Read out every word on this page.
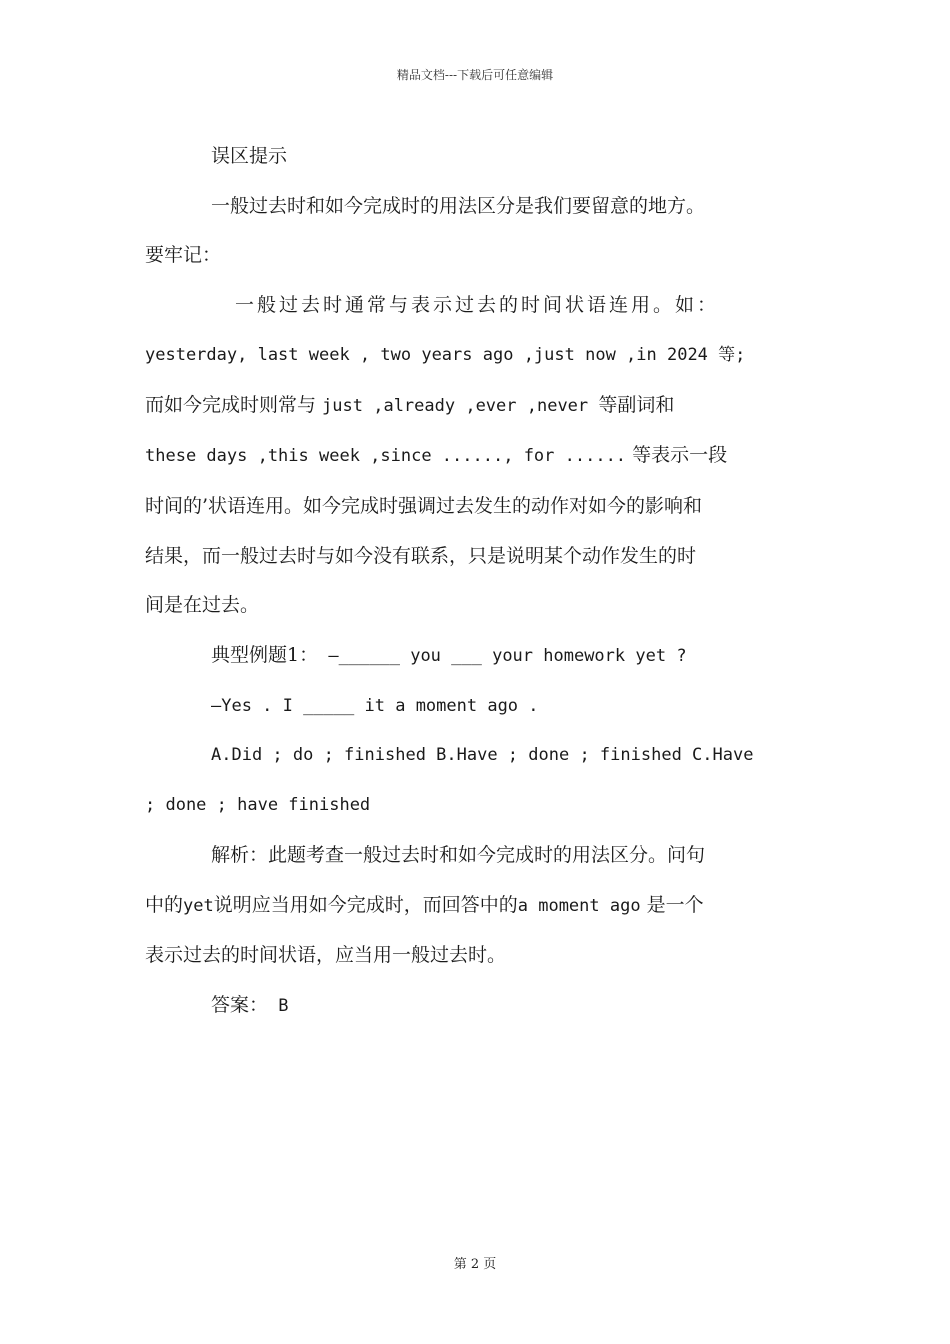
精品文档---下载后可任意编辑

误区提示

一般过去时和如今完成时的用法区分是我们要留意的地方。

要牢记：

一般过去时通常与表示过去的时间状语连用。如：

yesterday, last week , two years ago ,just now ,in 2024 等;

而如今完成时则常与 just ,already ,ever ,never 等副词和

these days ,this week ,since ......, for ...... 等表示一段

时间的’状语连用。如今完成时强调过去发生的动作对如今的影响和

结果，而一般过去时与如今没有联系，只是说明某个动作发生的时

间是在过去。

典型例题1： —______ you ___ your homework yet ?

—Yes . I _____ it a moment ago .

A.Did ; do ; finished B.Have ; done ; finished C.Have

; done ; have finished

解析：此题考查一般过去时和如今完成时的用法区分。问句

中的yet说明应当用如今完成时，而回答中的a moment ago 是一个

表示过去的时间状语，应当用一般过去时。

答案： B

第 2 页
